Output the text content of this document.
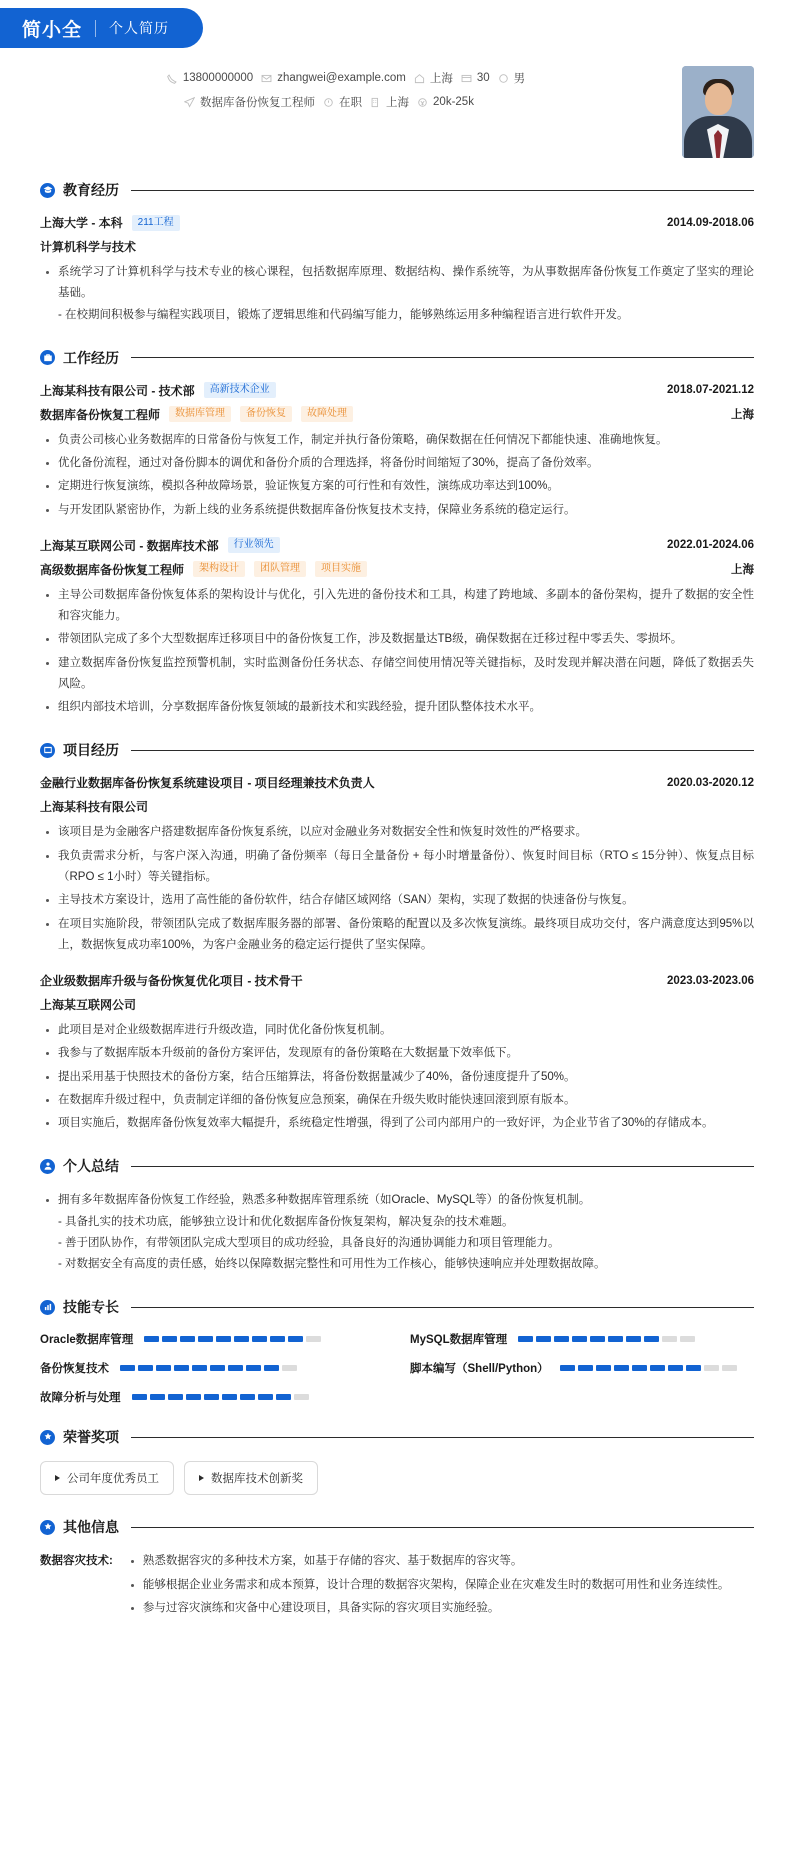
简小全 个人简历
13800000000 zhangwei@example.com 上海 30 男
数据库备份恢复工程师 在职 上海 20k-25k
教育经历
上海大学 - 本科	211工程	2014.09-2018.06
计算机科学与技术
系统学习了计算机科学与技术专业的核心课程，包括数据库原理、数据结构、操作系统等，为从事数据库备份恢复工作奠定了坚实的理论基础。
- 在校期间积极参与编程实践项目，锻炼了逻辑思维和代码编写能力，能够熟练运用多种编程语言进行软件开发。
工作经历
上海某科技有限公司 - 技术部	高新技术企业	2018.07-2021.12
数据库备份恢复工程师	数据库管理	备份恢复	故障处理	上海
负责公司核心业务数据库的日常备份与恢复工作，制定并执行备份策略，确保数据在任何情况下都能快速、准确地恢复。
优化备份流程，通过对备份脚本的调优和备份介质的合理选择，将备份时间缩短了30%，提高了备份效率。
定期进行恢复演练，模拟各种故障场景，验证恢复方案的可行性和有效性，演练成功率达到100%。
与开发团队紧密协作，为新上线的业务系统提供数据库备份恢复技术支持，保障业务系统的稳定运行。
上海某互联网公司 - 数据库技术部	行业领先	2022.01-2024.06
高级数据库备份恢复工程师	架构设计	团队管理	项目实施	上海
主导公司数据库备份恢复体系的架构设计与优化，引入先进的备份技术和工具，构建了跨地域、多副本的备份架构，提升了数据的安全性和容灾能力。
带领团队完成了多个大型数据库迁移项目中的备份恢复工作，涉及数据量达TB级，确保数据在迁移过程中零丢失、零损坏。
建立数据库备份恢复监控预警机制，实时监测备份任务状态、存储空间使用情况等关键指标，及时发现并解决潜在问题，降低了数据丢失风险。
组织内部技术培训，分享数据库备份恢复领域的最新技术和实践经验，提升团队整体技术水平。
项目经历
金融行业数据库备份恢复系统建设项目 - 项目经理兼技术负责人	2020.03-2020.12
上海某科技有限公司
该项目是为金融客户搭建数据库备份恢复系统，以应对金融业务对数据安全性和恢复时效性的严格要求。
我负责需求分析，与客户深入沟通，明确了备份频率（每日全量备份 + 每小时增量备份）、恢复时间目标（RTO ≤ 15分钟）、恢复点目标（RPO ≤ 1小时）等关键指标。
主导技术方案设计，选用了高性能的备份软件，结合存储区域网络（SAN）架构，实现了数据的快速备份与恢复。
在项目实施阶段，带领团队完成了数据库服务器的部署、备份策略的配置以及多次恢复演练。最终项目成功交付，客户满意度达到95%以上，数据恢复成功率100%，为客户金融业务的稳定运行提供了坚实保障。
企业级数据库升级与备份恢复优化项目 - 技术骨干	2023.03-2023.06
上海某互联网公司
此项目是对企业级数据库进行升级改造，同时优化备份恢复机制。
我参与了数据库版本升级前的备份方案评估，发现原有的备份策略在大数据量下效率低下。
提出采用基于快照技术的备份方案，结合压缩算法，将备份数据量减少了40%，备份速度提升了50%。
在数据库升级过程中，负责制定详细的备份恢复应急预案，确保在升级失败时能快速回滚到原有版本。
项目实施后，数据库备份恢复效率大幅提升，系统稳定性增强，得到了公司内部用户的一致好评，为企业节省了30%的存储成本。
个人总结
拥有多年数据库备份恢复工作经验，熟悉多种数据库管理系统（如Oracle、MySQL等）的备份恢复机制。
- 具备扎实的技术功底，能够独立设计和优化数据库备份恢复架构，解决复杂的技术难题。
- 善于团队协作，有带领团队完成大型项目的成功经验，具备良好的沟通协调能力和项目管理能力。
- 对数据安全有高度的责任感，始终以保障数据完整性和可用性为工作核心，能够快速响应并处理数据故障。
技能专长
Oracle数据库管理	MySQL数据库管理
备份恢复技术	脚本编写（Shell/Python）
故障分析与处理
荣誉奖项
公司年度优秀员工	数据库技术创新奖
其他信息
数据容灾技术:	熟悉数据容灾的多种技术方案，如基于存储的容灾、基于数据库的容灾等。
能够根据企业业务需求和成本预算，设计合理的数据容灾架构，保障企业在灾难发生时的数据可用性和业务连续性。
参与过容灾演练和灾备中心建设项目，具备实际的容灾项目实施经验。
